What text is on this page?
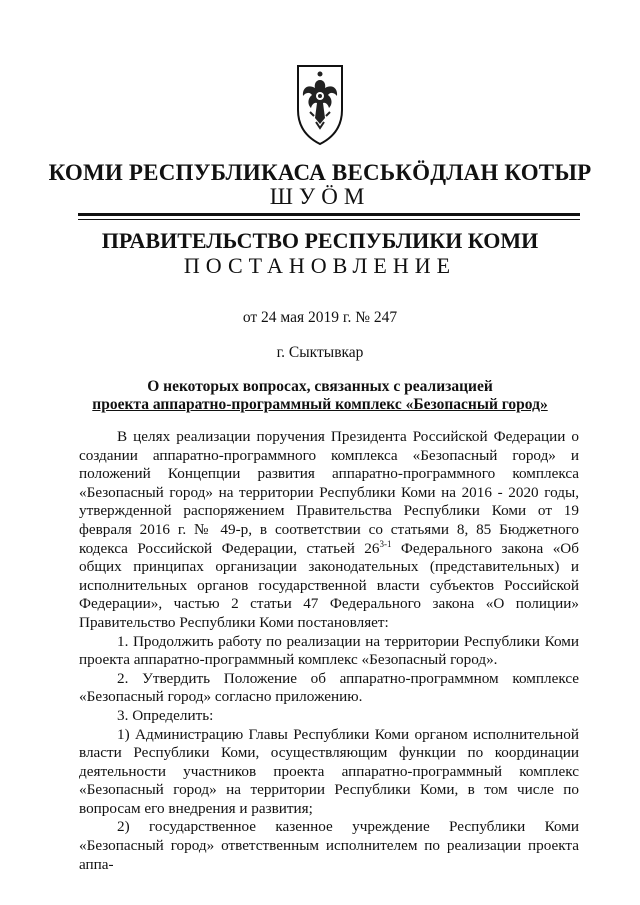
КОМИ РЕСПУБЛИКАСА ВЕСЬКӦДЛАН КОТЫР
ШУӦМ
ПРАВИТЕЛЬСТВО РЕСПУБЛИКИ КОМИ
ПОСТАНОВЛЕНИЕ
от 24 мая 2019 г. № 247
г. Сыктывкар
О некоторых вопросах, связанных с реализацией
проекта аппаратно-программный комплекс «Безопасный город»

В целях реализации поручения Президента Российской Федерации о создании аппаратно-программного комплекса «Безопасный город» и положений Концепции развития аппаратно-программного комплекса «Безопасный город» на территории Республики Коми на 2016 - 2020 годы, утвержденной распоряжением Правительства Республики Коми от 19 февраля 2016 г. № 49-р, в соответствии со статьями 8, 85 Бюджетного кодекса Российской Федерации, статьей 26$^{3-1}$ Федерального закона «Об общих принципах организации законодательных (представительных) и исполнительных органов государственной власти субъектов Российской Федерации», частью 2 статьи 47 Федерального закона «О полиции» Правительство Республики Коми постановляет:

1. Продолжить работу по реализации на территории Республики Коми проекта аппаратно-программный комплекс «Безопасный город».

2. Утвердить Положение об аппаратно-программном комплексе «Безопасный город» согласно приложению.

3. Определить:

1) Администрацию Главы Республики Коми органом исполнительной власти Республики Коми, осуществляющим функции по координации деятельности участников проекта аппаратно-программный комплекс «Безопасный город» на территории Республики Коми, в том числе по вопросам его внедрения и развития;

2) государственное казенное учреждение Республики Коми «Безопасный город» ответственным исполнителем по реализации проекта аппа-
